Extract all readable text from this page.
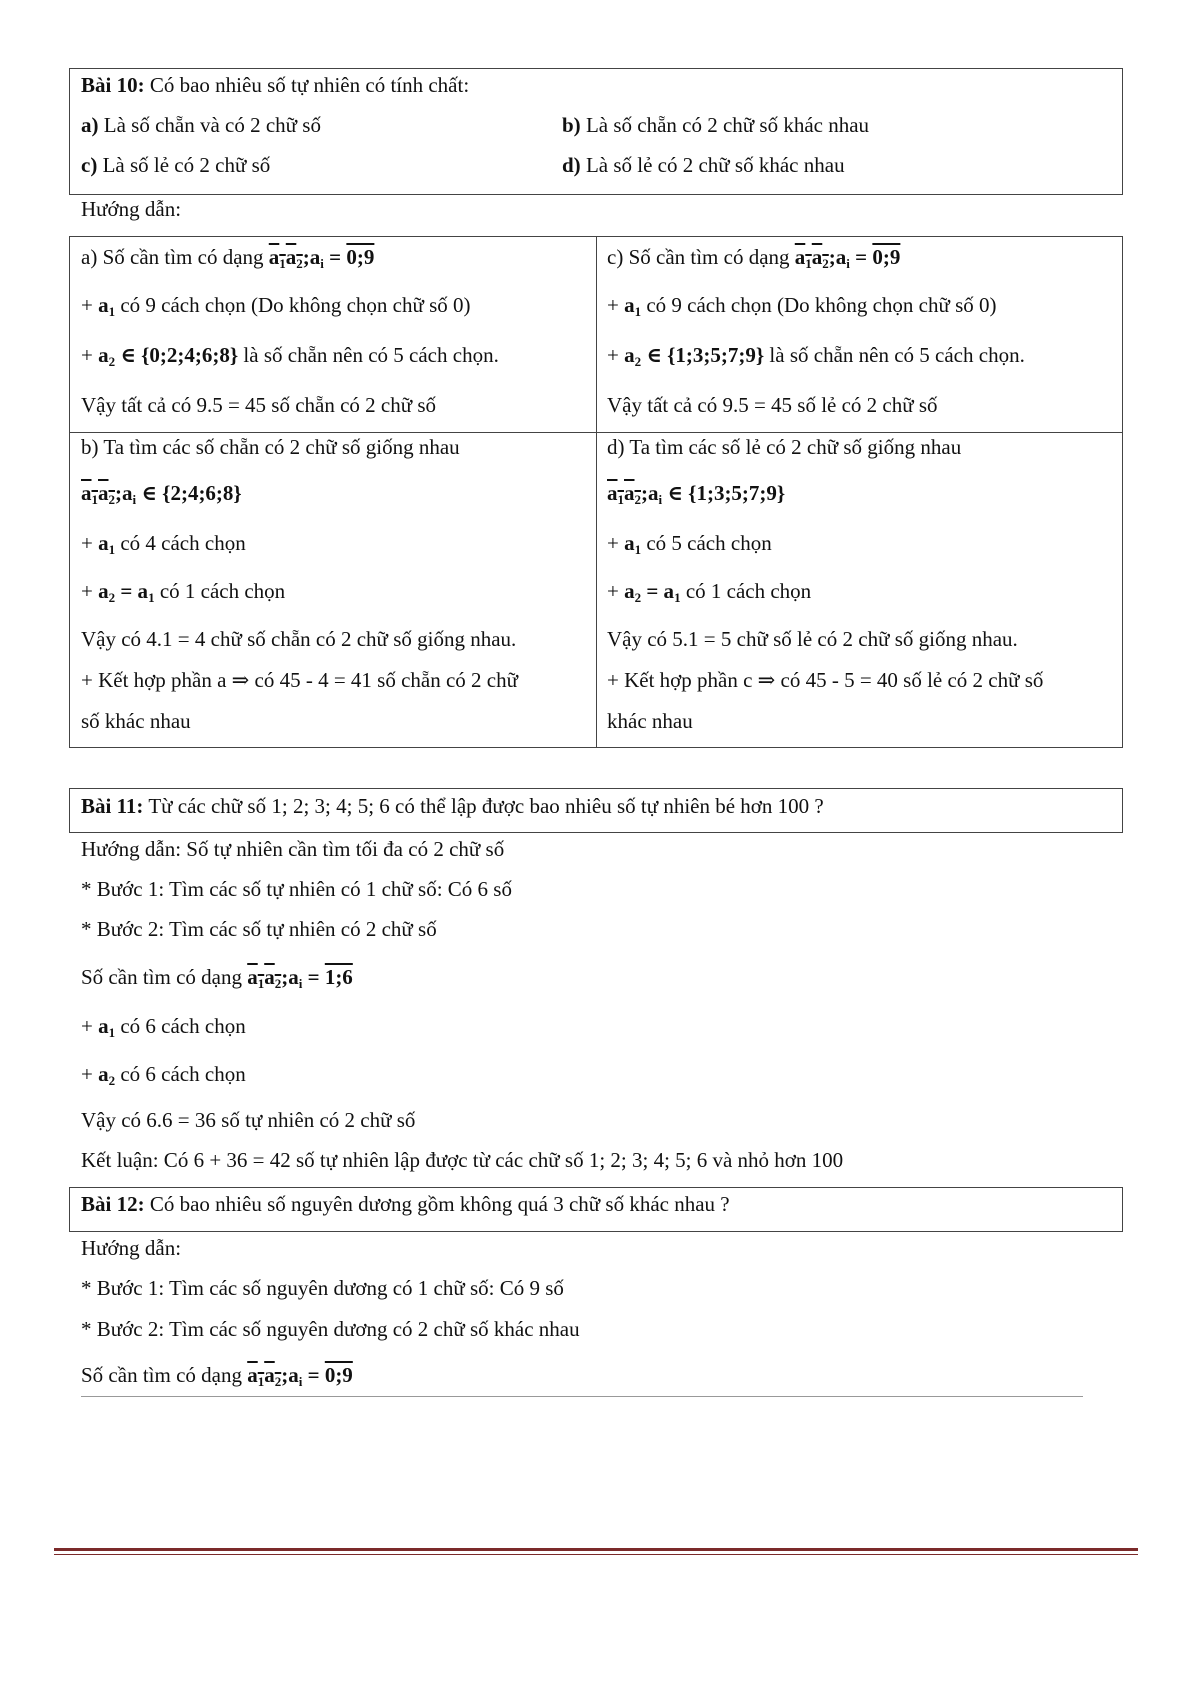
Bài 10: Có bao nhiêu số tự nhiên có tính chất:
a) Là số chẵn và có 2 chữ số	b) Là số chẵn có 2 chữ số khác nhau
c) Là số lẻ có 2 chữ số	d) Là số lẻ có 2 chữ số khác nhau
Hướng dẫn:
a) Số cần tìm có dạng $a_1a_2;a_i$ = 0;9
+ $a_1$ có 9 cách chọn (Do không chọn chữ số 0)
+ $a_2$ ∈ {0;2;4;6;8} là số chẵn nên có 5 cách chọn.
Vậy tất cả có 9.5 = 45 số chẵn có 2 chữ số
c) Số cần tìm có dạng $a_1a_2;a_i$ = 0;9
+ $a_1$ có 9 cách chọn (Do không chọn chữ số 0)
+ $a_2$ ∈ {1;3;5;7;9} là số chẵn nên có 5 cách chọn.
Vậy tất cả có 9.5 = 45 số lẻ có 2 chữ số
b) Ta tìm các số chẵn có 2 chữ số giống nhau
$a_1a_2;a_i$ ∈ {2;4;6;8}
+ $a_1$ có 4 cách chọn
+ $a_2 = a_1$ có 1 cách chọn
Vậy có 4.1 = 4 chữ số chẵn có 2 chữ số giống nhau.
+ Kết hợp phần a ⇒ có 45 - 4 = 41 số chẵn có 2 chữ
số khác nhau
d) Ta tìm các số lẻ có 2 chữ số giống nhau
$a_1a_2;a_i$ ∈ {1;3;5;7;9}
+ $a_1$ có 5 cách chọn
+ $a_2 = a_1$ có 1 cách chọn
Vậy có 5.1 = 5 chữ số lẻ có 2 chữ số giống nhau.
+ Kết hợp phần c ⇒ có 45 - 5 = 40 số lẻ có 2 chữ số
khác nhau
Bài 11: Từ các chữ số 1; 2; 3; 4; 5; 6 có thể lập được bao nhiêu số tự nhiên bé hơn 100 ?
Hướng dẫn: Số tự nhiên cần tìm tối đa có 2 chữ số
* Bước 1: Tìm các số tự nhiên có 1 chữ số: Có 6 số
* Bước 2: Tìm các số tự nhiên có 2 chữ số
Số cần tìm có dạng $a_1a_2;a_i$ = 1;6
+ $a_1$ có 6 cách chọn
+ $a_2$ có 6 cách chọn
Vậy có 6.6 = 36 số tự nhiên có 2 chữ số
Kết luận: Có 6 + 36 = 42 số tự nhiên lập được từ các chữ số 1; 2; 3; 4; 5; 6 và nhỏ hơn 100
Bài 12: Có bao nhiêu số nguyên dương gồm không quá 3 chữ số khác nhau ?
Hướng dẫn:
* Bước 1: Tìm các số nguyên dương có 1 chữ số: Có 9 số
* Bước 2: Tìm các số nguyên dương có 2 chữ số khác nhau
Số cần tìm có dạng $a_1a_2;a_i$ = 0;9
